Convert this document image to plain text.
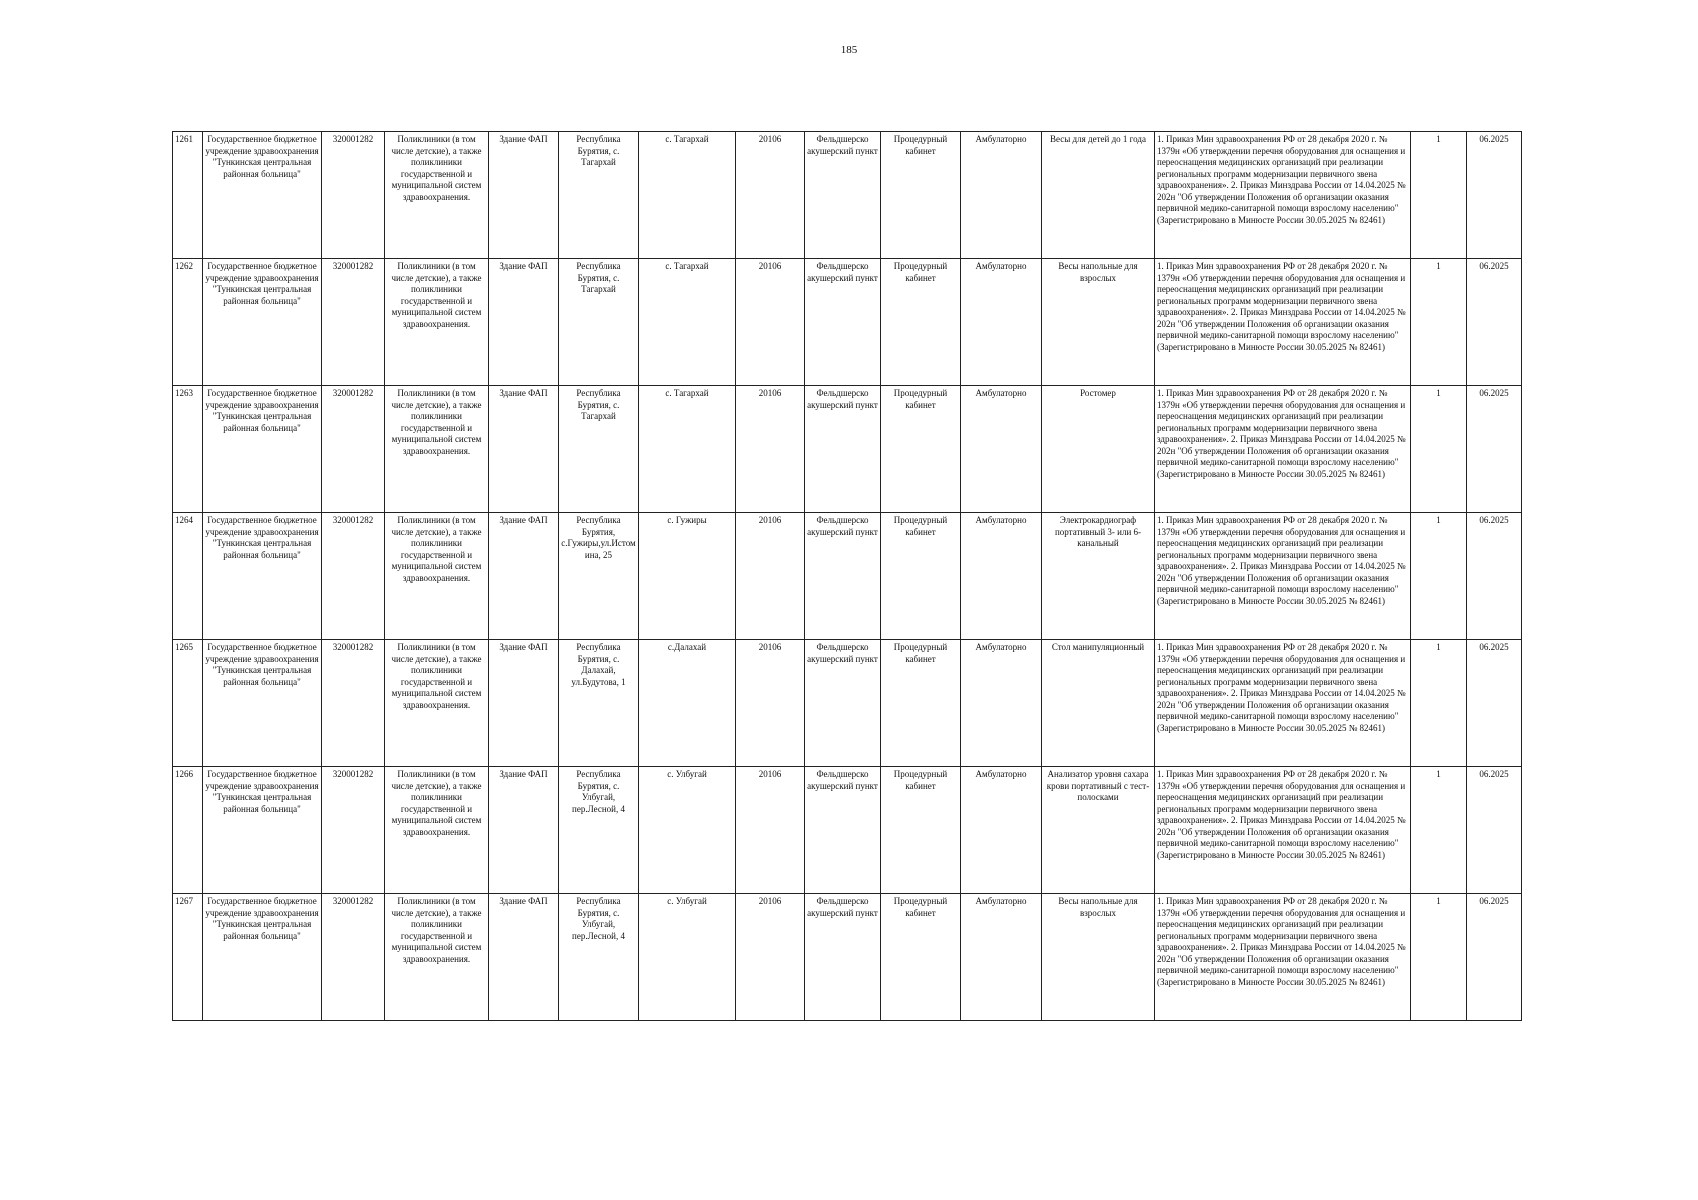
185
1261	Государственное бюджетное учреждение здравоохранения "Тункинская центральная районная больница"	320001282	Поликлиники (в том числе детские), а также поликлиники государственной и муниципальной систем здравоохранения.	Здание ФАП	Республика Бурятия, с. Тагархай	с. Тагархай	20106	Фельдшерско акушерский пункт	Процедурный кабинет	Амбулаторно	Весы для детей до 1 года	1. Приказ Мин здравоохранения РФ от 28 декабря 2020 г. № 1379н «Об утверждении перечня оборудования для оснащения и переоснащения медицинских организаций при реализации региональных программ модернизации первичного звена здравоохранения». 2. Приказ Минздрава России от 14.04.2025 № 202н "Об утверждении Положения об организации оказания первичной медико-санитарной помощи взрослому населению" (Зарегистрировано в Минюсте России 30.05.2025 № 82461)	1	06.2025
1262	Государственное бюджетное учреждение здравоохранения "Тункинская центральная районная больница"	320001282	Поликлиники (в том числе детские), а также поликлиники государственной и муниципальной систем здравоохранения.	Здание ФАП	Республика Бурятия, с. Тагархай	с. Тагархай	20106	Фельдшерско акушерский пункт	Процедурный кабинет	Амбулаторно	Весы напольные для взрослых	1. Приказ Мин здравоохранения РФ от 28 декабря 2020 г. № 1379н «Об утверждении перечня оборудования для оснащения и переоснащения медицинских организаций при реализации региональных программ модернизации первичного звена здравоохранения». 2. Приказ Минздрава России от 14.04.2025 № 202н "Об утверждении Положения об организации оказания первичной медико-санитарной помощи взрослому населению" (Зарегистрировано в Минюсте России 30.05.2025 № 82461)	1	06.2025
1263	Государственное бюджетное учреждение здравоохранения "Тункинская центральная районная больница"	320001282	Поликлиники (в том числе детские), а также поликлиники государственной и муниципальной систем здравоохранения.	Здание ФАП	Республика Бурятия, с. Тагархай	с. Тагархай	20106	Фельдшерско акушерский пункт	Процедурный кабинет	Амбулаторно	Ростомер	1. Приказ Мин здравоохранения РФ от 28 декабря 2020 г. № 1379н «Об утверждении перечня оборудования для оснащения и переоснащения медицинских организаций при реализации региональных программ модернизации первичного звена здравоохранения». 2. Приказ Минздрава России от 14.04.2025 № 202н "Об утверждении Положения об организации оказания первичной медико-санитарной помощи взрослому населению" (Зарегистрировано в Минюсте России 30.05.2025 № 82461)	1	06.2025
1264	Государственное бюджетное учреждение здравоохранения "Тункинская центральная районная больница"	320001282	Поликлиники (в том числе детские), а также поликлиники государственной и муниципальной систем здравоохранения.	Здание ФАП	Республика Бурятия, с.Гужиры,ул.Истомина, 25	с. Гужиры	20106	Фельдшерско акушерский пункт	Процедурный кабинет	Амбулаторно	Электрокардиограф портативный 3- или 6-канальный	1. Приказ Мин здравоохранения РФ от 28 декабря 2020 г. № 1379н «Об утверждении перечня оборудования для оснащения и переоснащения медицинских организаций при реализации региональных программ модернизации первичного звена здравоохранения». 2. Приказ Минздрава России от 14.04.2025 № 202н "Об утверждении Положения об организации оказания первичной медико-санитарной помощи взрослому населению" (Зарегистрировано в Минюсте России 30.05.2025 № 82461)	1	06.2025
1265	Государственное бюджетное учреждение здравоохранения "Тункинская центральная районная больница"	320001282	Поликлиники (в том числе детские), а также поликлиники государственной и муниципальной систем здравоохранения.	Здание ФАП	Республика Бурятия, с. Далахай, ул.Будутова, 1	с.Далахай	20106	Фельдшерско акушерский пункт	Процедурный кабинет	Амбулаторно	Стол манипуляционный	1. Приказ Мин здравоохранения РФ от 28 декабря 2020 г. № 1379н «Об утверждении перечня оборудования для оснащения и переоснащения медицинских организаций при реализации региональных программ модернизации первичного звена здравоохранения». 2. Приказ Минздрава России от 14.04.2025 № 202н "Об утверждении Положения об организации оказания первичной медико-санитарной помощи взрослому населению" (Зарегистрировано в Минюсте России 30.05.2025 № 82461)	1	06.2025
1266	Государственное бюджетное учреждение здравоохранения "Тункинская центральная районная больница"	320001282	Поликлиники (в том числе детские), а также поликлиники государственной и муниципальной систем здравоохранения.	Здание ФАП	Республика Бурятия, с. Улбугай, пер.Лесной, 4	с. Улбугай	20106	Фельдшерско акушерский пункт	Процедурный кабинет	Амбулаторно	Анализатор уровня сахара крови портативный с тест-полосками	1. Приказ Мин здравоохранения РФ от 28 декабря 2020 г. № 1379н «Об утверждении перечня оборудования для оснащения и переоснащения медицинских организаций при реализации региональных программ модернизации первичного звена здравоохранения». 2. Приказ Минздрава России от 14.04.2025 № 202н "Об утверждении Положения об организации оказания первичной медико-санитарной помощи взрослому населению" (Зарегистрировано в Минюсте России 30.05.2025 № 82461)	1	06.2025
1267	Государственное бюджетное учреждение здравоохранения "Тункинская центральная районная больница"	320001282	Поликлиники (в том числе детские), а также поликлиники государственной и муниципальной систем здравоохранения.	Здание ФАП	Республика Бурятия, с. Улбугай, пер.Лесной, 4	с. Улбугай	20106	Фельдшерско акушерский пункт	Процедурный кабинет	Амбулаторно	Весы напольные для взрослых	1. Приказ Мин здравоохранения РФ от 28 декабря 2020 г. № 1379н «Об утверждении перечня оборудования для оснащения и переоснащения медицинских организаций при реализации региональных программ модернизации первичного звена здравоохранения». 2. Приказ Минздрава России от 14.04.2025 № 202н "Об утверждении Положения об организации оказания первичной медико-санитарной помощи взрослому населению" (Зарегистрировано в Минюсте России 30.05.2025 № 82461)	1	06.2025
